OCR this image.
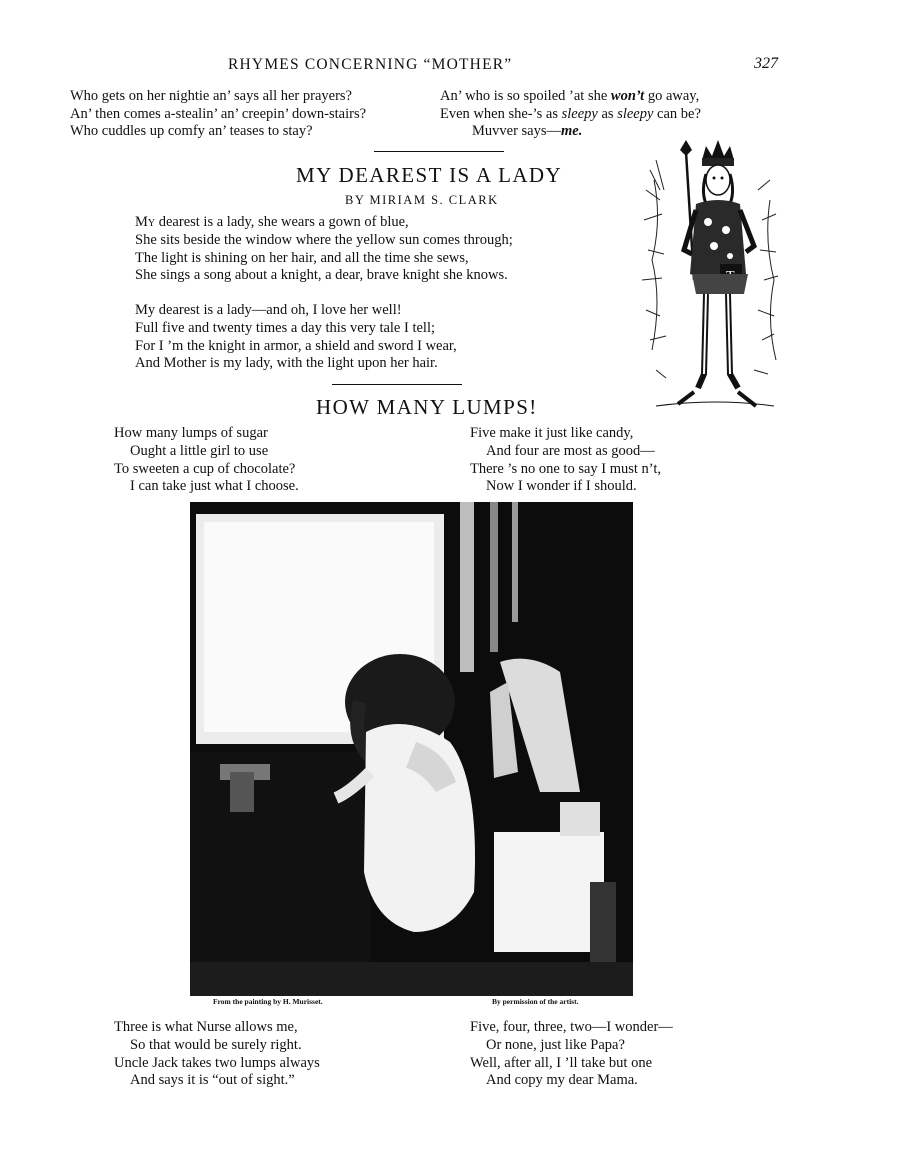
RHYMES CONCERNING “MOTHER”	327
Who gets on her nightie an’ says all her prayers?
An’ then comes a-stealin’ an’ creepin’ down-stairs?
Who cuddles up comfy an’ teases to stay?
An’ who is so spoiled ’at she won’t go away,
Even when she-’s as sleepy as sleepy can be?
Muvver says—me.
MY DEAREST IS A LADY
BY MIRIAM S. CLARK
My dearest is a lady, she wears a gown of blue,
She sits beside the window where the yellow sun comes through;
The light is shining on her hair, and all the time she sews,
She sings a song about a knight, a dear, brave knight she knows.
My dearest is a lady—and oh, I love her well!
Full five and twenty times a day this very tale I tell;
For I ’m the knight in armor, a shield and sword I wear,
And Mother is my lady, with the light upon her hair.
HOW MANY LUMPS!
How many lumps of sugar
Ought a little girl to use
To sweeten a cup of chocolate?
I can take just what I choose.
Five make it just like candy,
And four are most as good—
There ’s no one to say I must n’t,
Now I wonder if I should.
From the painting by H. Murisset.	By permission of the artist.
Three is what Nurse allows me,
So that would be surely right.
Uncle Jack takes two lumps always
And says it is “out of sight.”
Five, four, three, two—I wonder—
Or none, just like Papa?
Well, after all, I ’ll take but one
And copy my dear Mama.
